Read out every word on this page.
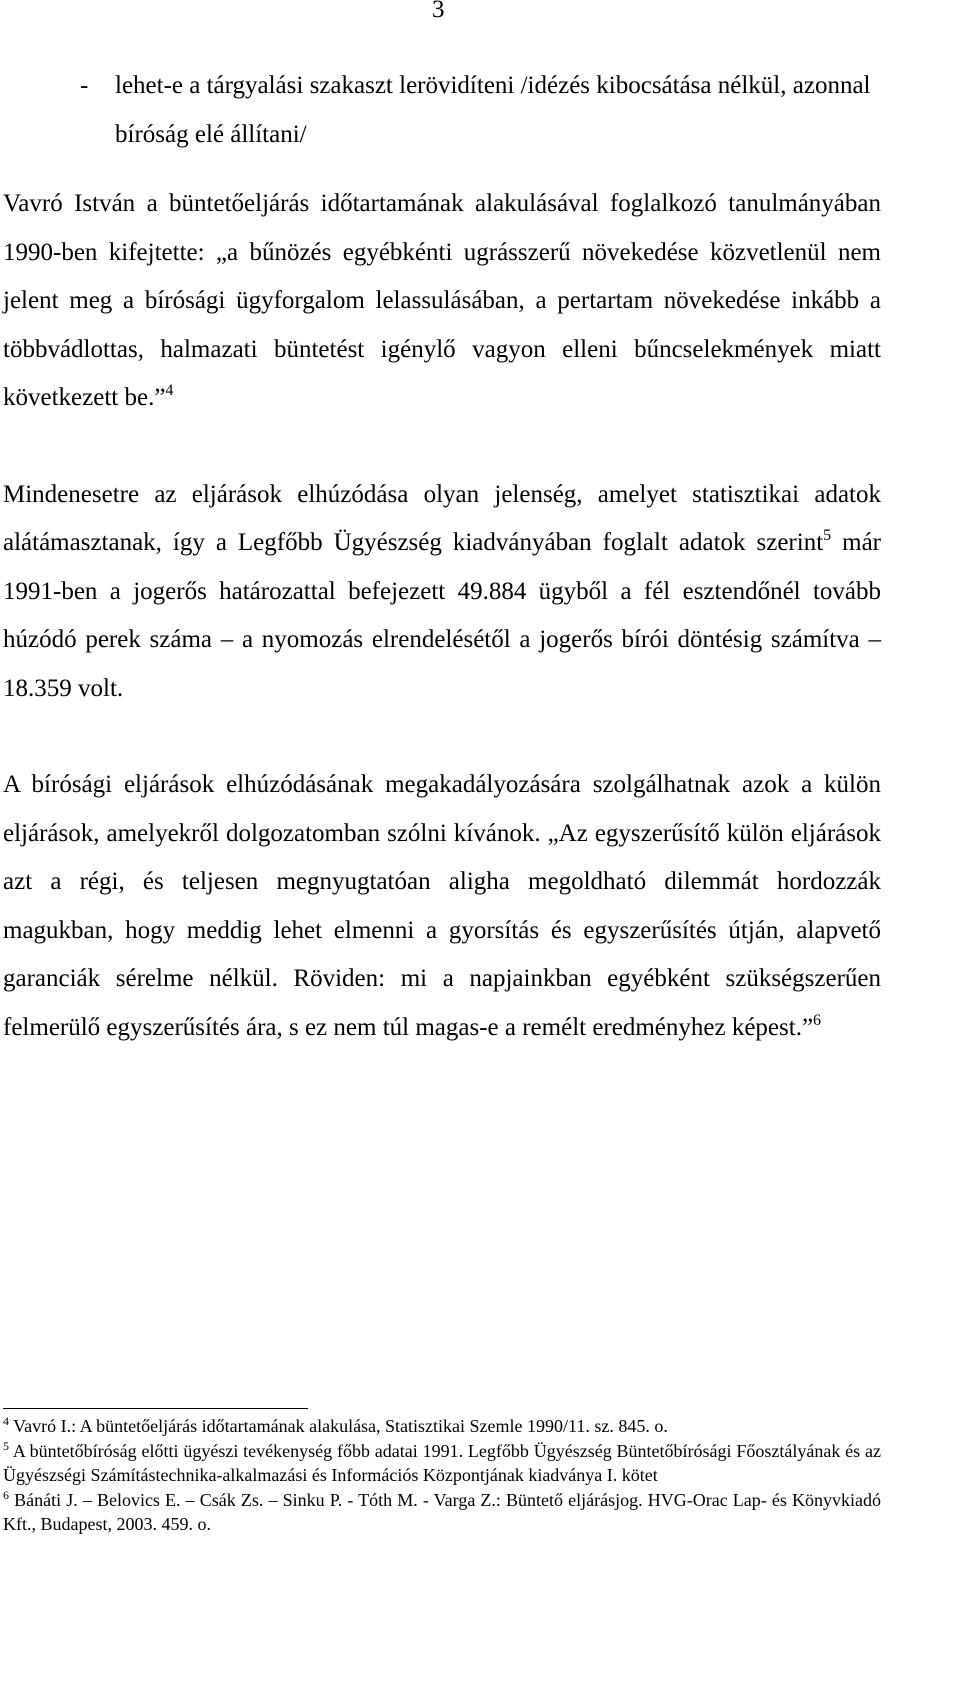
3
-	lehet-e a tárgyalási szakaszt lerövidíteni /idézés kibocsátása nélkül, azonnal bíróság elé állítani/

Vavró István a büntetőeljárás időtartamának alakulásával foglalkozó tanulmányában 1990-ben kifejtette: „a bűnözés egyébkénti ugrásszerű növekedése közvetlenül nem jelent meg a bírósági ügyforgalom lelassulásában, a pertartam növekedése inkább a többvádlottas, halmazati büntetést igénylő vagyon elleni bűncselekmények miatt következett be.”$^4$

Mindenesetre az eljárások elhúzódása olyan jelenség, amelyet statisztikai adatok alátámasztanak, így a Legfőbb Ügyészség kiadványában foglalt adatok szerint$^5$ már 1991-ben a jogerős határozattal befejezett 49.884 ügyből a fél esztendőnél tovább húzódó perek száma – a nyomozás elrendelésétől a jogerős bírói döntésig számítva – 18.359 volt.

A bírósági eljárások elhúzódásának megakadályozására szolgálhatnak azok a külön eljárások, amelyekről dolgozatomban szólni kívánok. „Az egyszerűsítő külön eljárások azt a régi, és teljesen megnyugtatóan aligha megoldható dilemmát hordozzák magukban, hogy meddig lehet elmenni a gyorsítás és egyszerűsítés útján, alapvető garanciák sérelme nélkül. Röviden: mi a napjainkban egyébként szükségszerűen felmerülő egyszerűsítés ára, s ez nem túl magas-e a remélt eredményhez képest.”$^6$

$^4$ Vavró I.: A büntetőeljárás időtartamának alakulása, Statisztikai Szemle 1990/11. sz. 845. o.

$^5$ A büntetőbíróság előtti ügyészi tevékenység főbb adatai 1991. Legfőbb Ügyészség Büntetőbírósági Főosztályának és az Ügyészségi Számítástechnika-alkalmazási és Információs Központjának kiadványa I. kötet

$^6$ Bánáti J. – Belovics E. – Csák Zs. – Sinku P. - Tóth M. - Varga Z.: Büntető eljárásjog. HVG-Orac Lap- és Könyvkiadó Kft., Budapest, 2003. 459. o.
